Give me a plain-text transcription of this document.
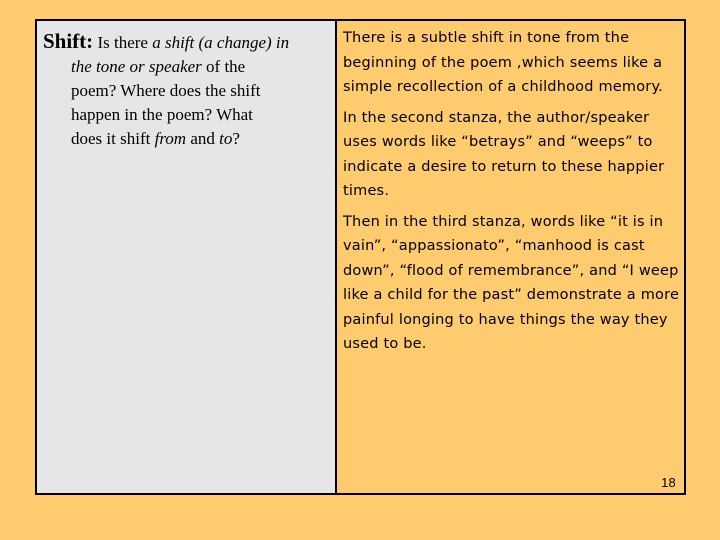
Shift: Is there a shift (a change) in
the tone or speaker of the
poem? Where does the shift
happen in the poem? What
does it shift from and to?

There is a subtle shift in tone from the beginning of the poem ,which seems like a simple recollection of a childhood memory.

In the second stanza, the author/speaker uses words like “betrays” and “weeps” to indicate a desire to return to these happier times.

Then in the third stanza, words like “it is in vain”, “appassionato”, “manhood is cast down”, “flood of remembrance”, and “I weep like a child for the past” demonstrate a more painful longing to have things the way they used to be.

18
